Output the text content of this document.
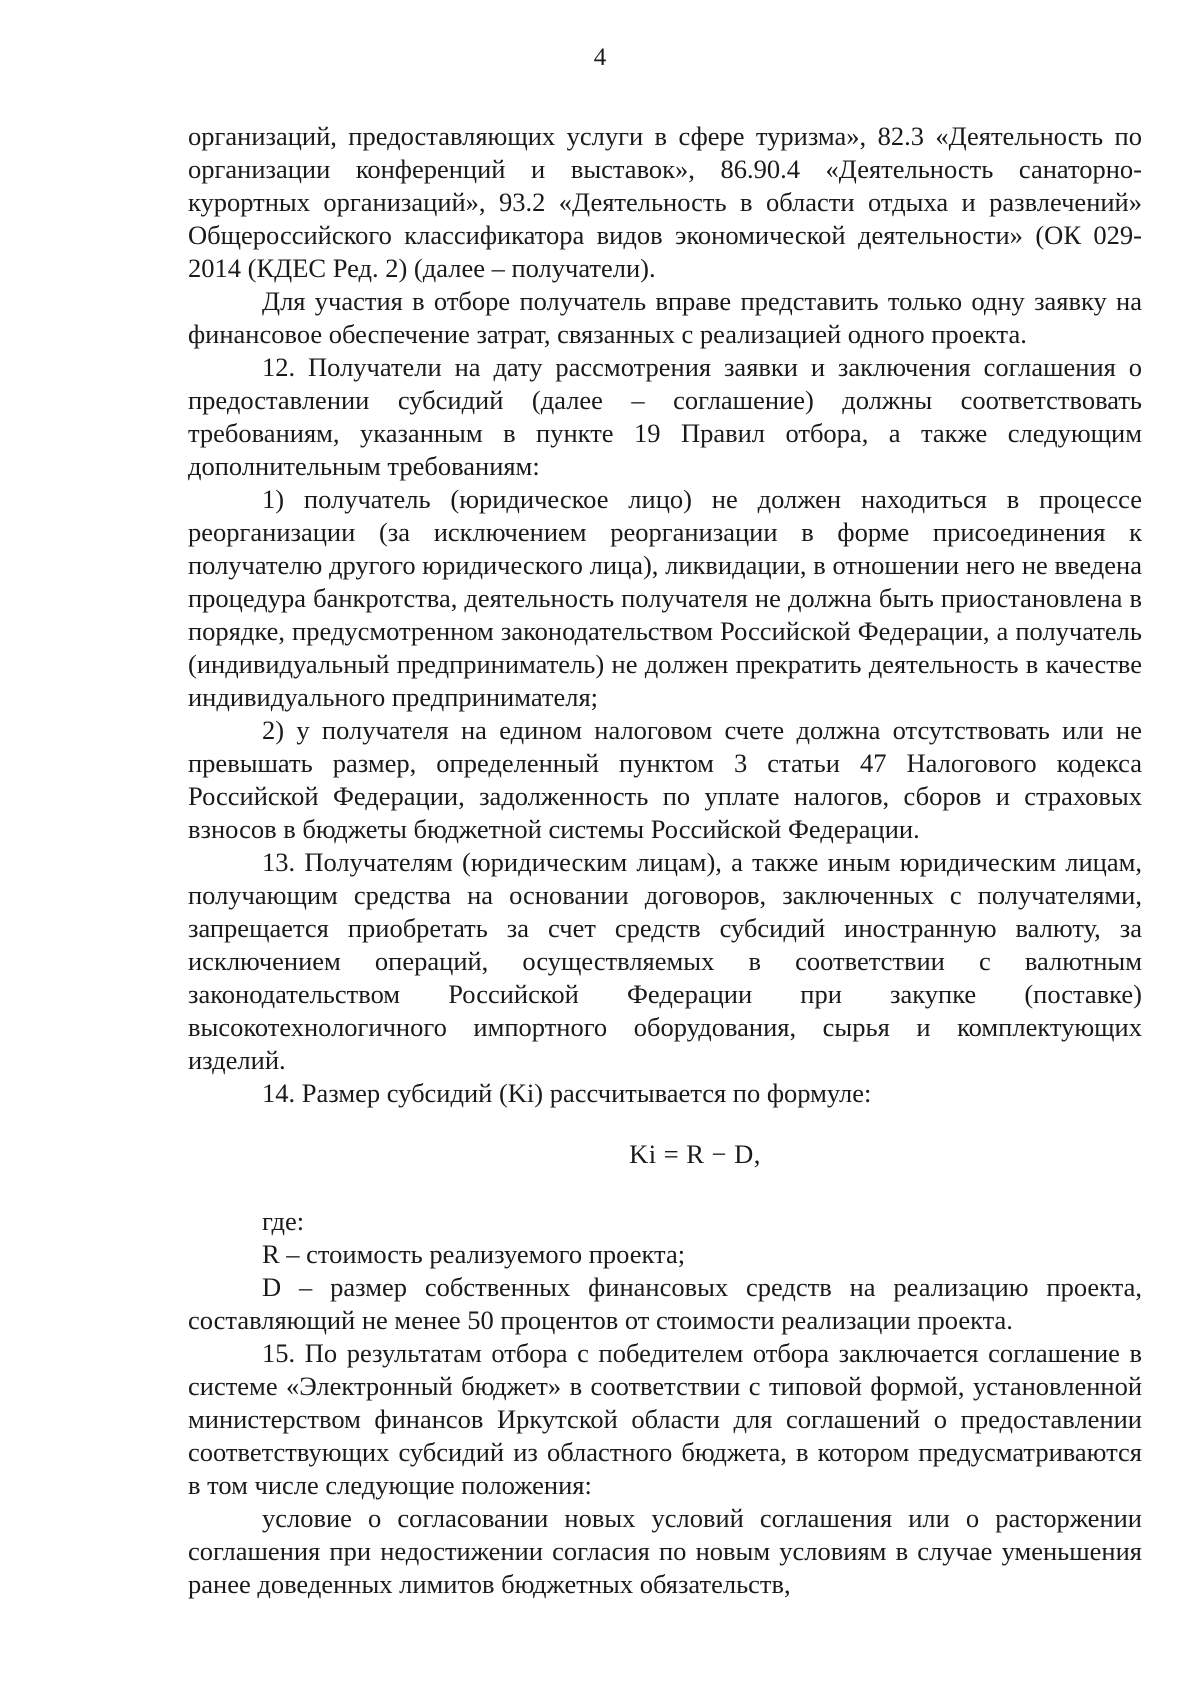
4

организаций, предоставляющих услуги в сфере туризма», 82.3 «Деятельность по организации конференций и выставок», 86.90.4 «Деятельность санаторно-курортных организаций», 93.2 «Деятельность в области отдыха и развлечений» Общероссийского классификатора видов экономической деятельности» (ОК 029-2014 (КДЕС Ред. 2) (далее – получатели).

Для участия в отборе получатель вправе представить только одну заявку на финансовое обеспечение затрат, связанных с реализацией одного проекта.

12. Получатели на дату рассмотрения заявки и заключения соглашения о предоставлении субсидий (далее – соглашение) должны соответствовать требованиям, указанным в пункте 19 Правил отбора, а также следующим дополнительным требованиям:

1) получатель (юридическое лицо) не должен находиться в процессе реорганизации (за исключением реорганизации в форме присоединения к получателю другого юридического лица), ликвидации, в отношении него не введена процедура банкротства, деятельность получателя не должна быть приостановлена в порядке, предусмотренном законодательством Российской Федерации, а получатель (индивидуальный предприниматель) не должен прекратить деятельность в качестве индивидуального предпринимателя;

2) у получателя на едином налоговом счете должна отсутствовать или не превышать размер, определенный пунктом 3 статьи 47 Налогового кодекса Российской Федерации, задолженность по уплате налогов, сборов и страховых взносов в бюджеты бюджетной системы Российской Федерации.

13. Получателям (юридическим лицам), а также иным юридическим лицам, получающим средства на основании договоров, заключенных с получателями, запрещается приобретать за счет средств субсидий иностранную валюту, за исключением операций, осуществляемых в соответствии с валютным законодательством Российской Федерации при закупке (поставке) высокотехнологичного импортного оборудования, сырья и комплектующих изделий.

14. Размер субсидий (Ki) рассчитывается по формуле:

Ki = R − D,

где:

R – стоимость реализуемого проекта;

D – размер собственных финансовых средств на реализацию проекта, составляющий не менее 50 процентов от стоимости реализации проекта.

15. По результатам отбора с победителем отбора заключается соглашение в системе «Электронный бюджет» в соответствии с типовой формой, установленной министерством финансов Иркутской области для соглашений о предоставлении соответствующих субсидий из областного бюджета, в котором предусматриваются в том числе следующие положения:

условие о согласовании новых условий соглашения или о расторжении соглашения при недостижении согласия по новым условиям в случае уменьшения ранее доведенных лимитов бюджетных обязательств,
